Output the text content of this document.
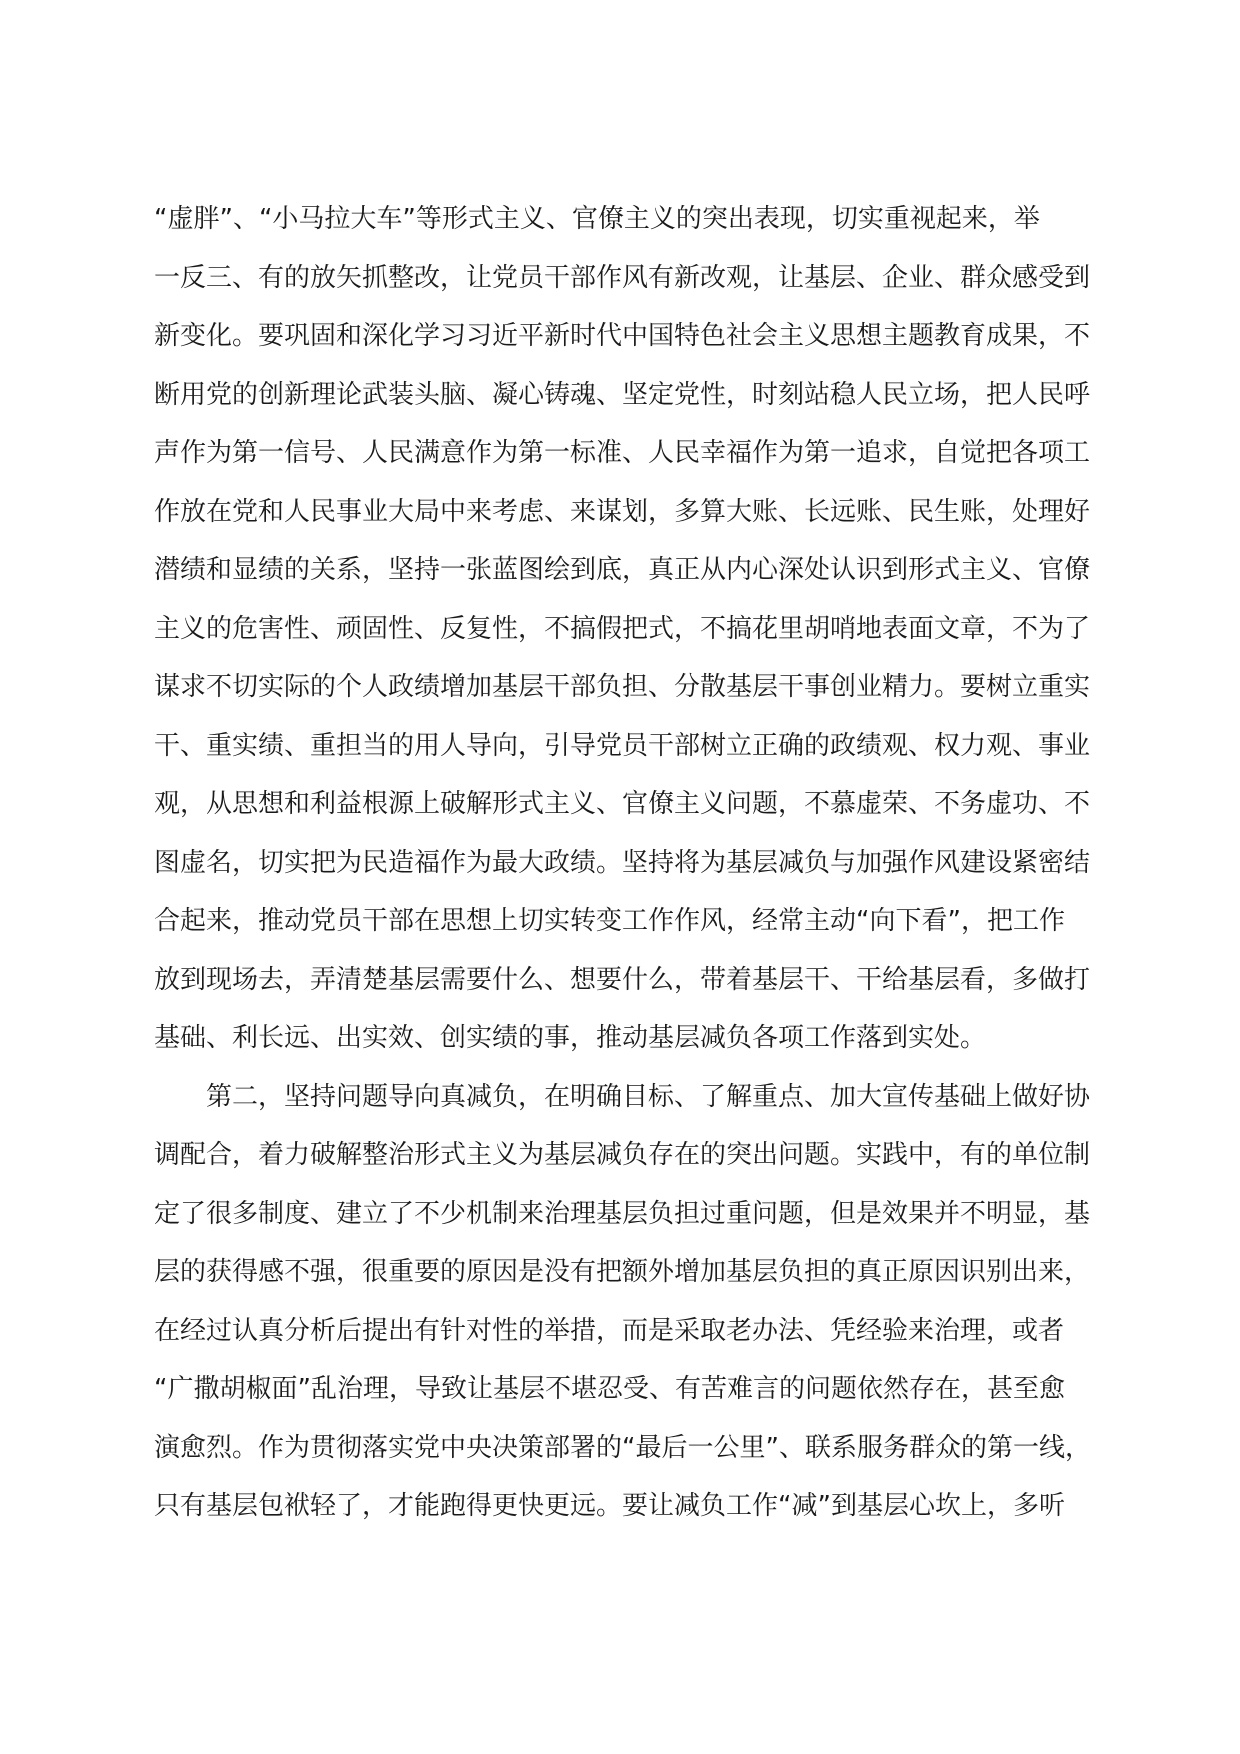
“虚胖”、“小马拉大车”等形式主义、官僚主义的突出表现，切实重视起来，举
一反三、有的放矢抓整改，让党员干部作风有新改观，让基层、企业、群众感受到
新变化。要巩固和深化学习习近平新时代中国特色社会主义思想主题教育成果，不
断用党的创新理论武装头脑、凝心铸魂、坚定党性，时刻站稳人民立场，把人民呼
声作为第一信号、人民满意作为第一标准、人民幸福作为第一追求，自觉把各项工
作放在党和人民事业大局中来考虑、来谋划，多算大账、长远账、民生账，处理好
潜绩和显绩的关系，坚持一张蓝图绘到底，真正从内心深处认识到形式主义、官僚
主义的危害性、顽固性、反复性，不搞假把式，不搞花里胡哨地表面文章，不为了
谋求不切实际的个人政绩增加基层干部负担、分散基层干事创业精力。要树立重实
干、重实绩、重担当的用人导向，引导党员干部树立正确的政绩观、权力观、事业
观，从思想和利益根源上破解形式主义、官僚主义问题，不慕虚荣、不务虚功、不
图虚名，切实把为民造福作为最大政绩。坚持将为基层减负与加强作风建设紧密结
合起来，推动党员干部在思想上切实转变工作作风，经常主动“向下看”，把工作
放到现场去，弄清楚基层需要什么、想要什么，带着基层干、干给基层看，多做打
基础、利长远、出实效、创实绩的事，推动基层减负各项工作落到实处。
第二，坚持问题导向真减负，在明确目标、了解重点、加大宣传基础上做好协
调配合，着力破解整治形式主义为基层减负存在的突出问题。实践中，有的单位制
定了很多制度、建立了不少机制来治理基层负担过重问题，但是效果并不明显，基
层的获得感不强，很重要的原因是没有把额外增加基层负担的真正原因识别出来，
在经过认真分析后提出有针对性的举措，而是采取老办法、凭经验来治理，或者
“广撒胡椒面”乱治理，导致让基层不堪忍受、有苦难言的问题依然存在，甚至愈
演愈烈。作为贯彻落实党中央决策部署的“最后一公里”、联系服务群众的第一线，
只有基层包袱轻了，才能跑得更快更远。要让减负工作“减”到基层心坎上，多听
